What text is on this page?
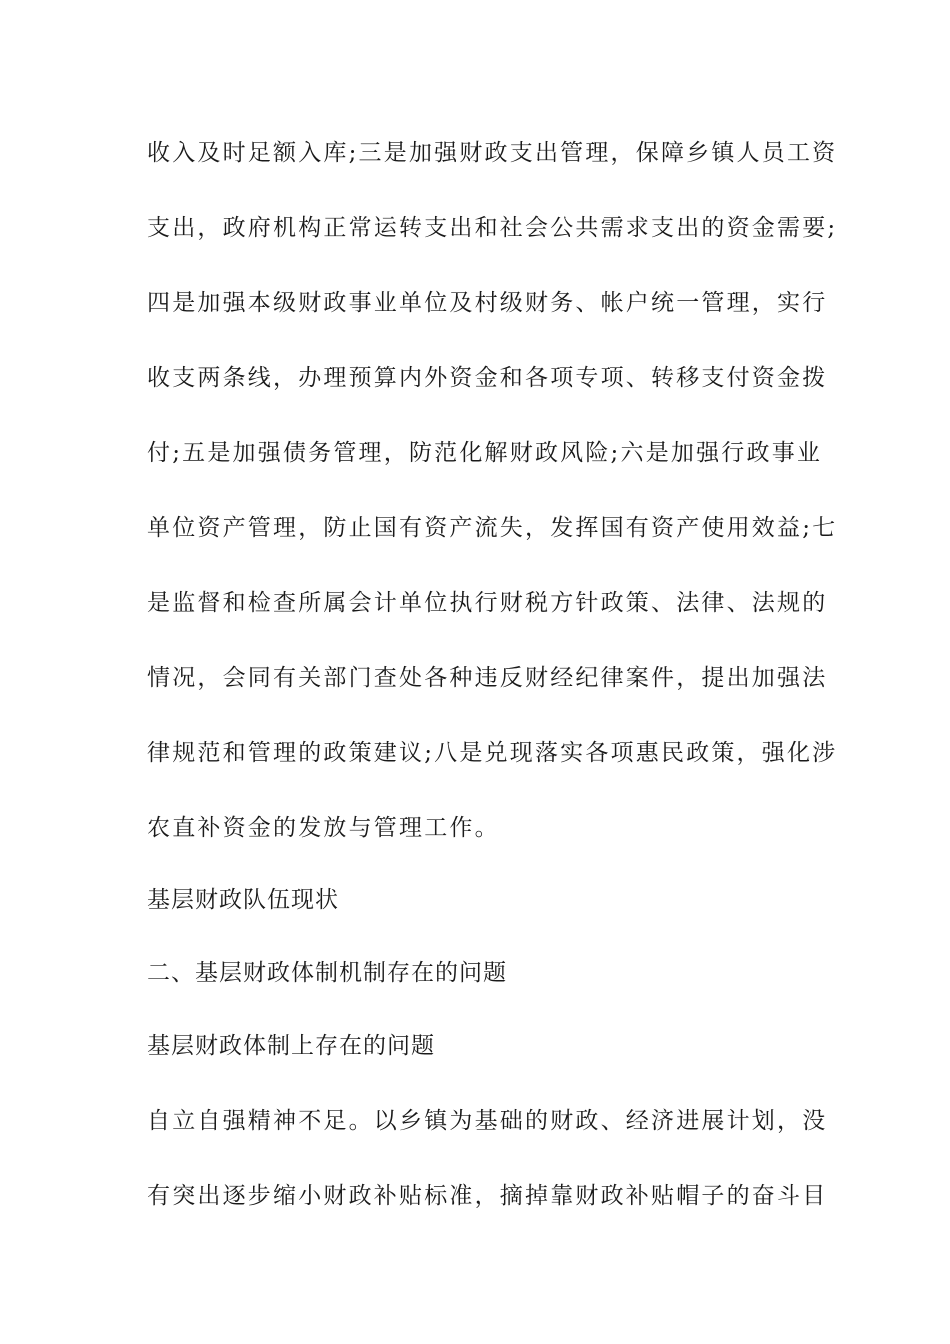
收入及时足额入库;三是加强财政支出管理，保障乡镇人员工资
支出，政府机构正常运转支出和社会公共需求支出的资金需要;
四是加强本级财政事业单位及村级财务、帐户统一管理，实行
收支两条线，办理预算内外资金和各项专项、转移支付资金拨
付;五是加强债务管理，防范化解财政风险;六是加强行政事业
单位资产管理，防止国有资产流失，发挥国有资产使用效益;七
是监督和检查所属会计单位执行财税方针政策、法律、法规的
情况，会同有关部门查处各种违反财经纪律案件，提出加强法
律规范和管理的政策建议;八是兑现落实各项惠民政策，强化涉
农直补资金的发放与管理工作。
基层财政队伍现状
二、基层财政体制机制存在的问题
基层财政体制上存在的问题
自立自强精神不足。以乡镇为基础的财政、经济进展计划，没
有突出逐步缩小财政补贴标准，摘掉靠财政补贴帽子的奋斗目
